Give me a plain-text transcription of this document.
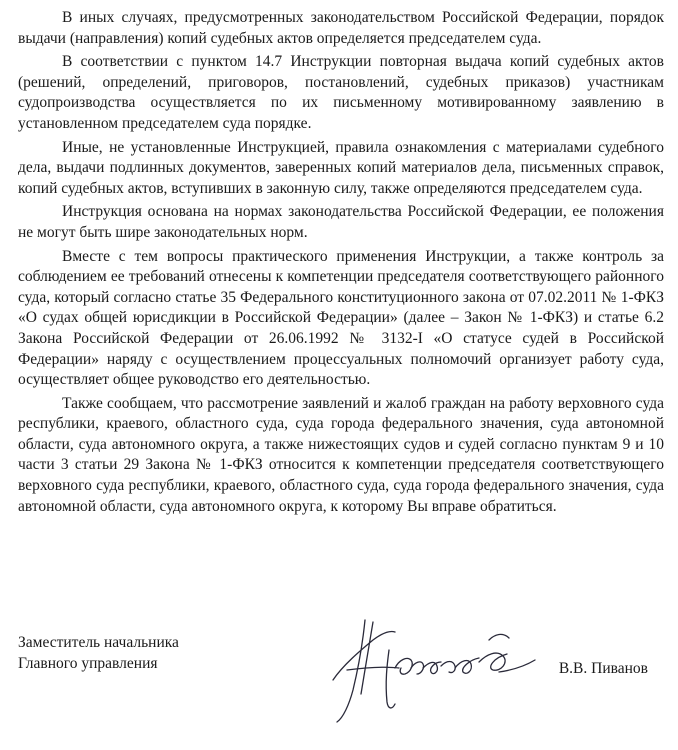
В иных случаях, предусмотренных законодательством Российской Федерации, порядок выдачи (направления) копий судебных актов определяется председателем суда.

В соответствии с пунктом 14.7 Инструкции повторная выдача копий судебных актов (решений, определений, приговоров, постановлений, судебных приказов) участникам судопроизводства осуществляется по их письменному мотивированному заявлению в установленном председателем суда порядке.

Иные, не установленные Инструкцией, правила ознакомления с материалами судебного дела, выдачи подлинных документов, заверенных копий материалов дела, письменных справок, копий судебных актов, вступивших в законную силу, также определяются председателем суда.

Инструкция основана на нормах законодательства Российской Федерации, ее положения не могут быть шире законодательных норм.

Вместе с тем вопросы практического применения Инструкции, а также контроль за соблюдением ее требований отнесены к компетенции председателя соответствующего районного суда, который согласно статье 35 Федерального конституционного закона от 07.02.2011 № 1-ФКЗ «О судах общей юрисдикции в Российской Федерации» (далее – Закон № 1-ФКЗ) и статье 6.2 Закона Российской Федерации от 26.06.1992 № 3132-I «О статусе судей в Российской Федерации» наряду с осуществлением процессуальных полномочий организует работу суда, осуществляет общее руководство его деятельностью.

Также сообщаем, что рассмотрение заявлений и жалоб граждан на работу верховного суда республики, краевого, областного суда, суда города федерального значения, суда автономной области, суда автономного округа, а также нижестоящих судов и судей согласно пунктам 9 и 10 части 3 статьи 29 Закона № 1-ФКЗ относится к компетенции председателя соответствующего верховного суда республики, краевого, областного суда, суда города федерального значения, суда автономной области, суда автономного округа, к которому Вы вправе обратиться.

Заместитель начальника
Главного управления	В.В. Пиванов
